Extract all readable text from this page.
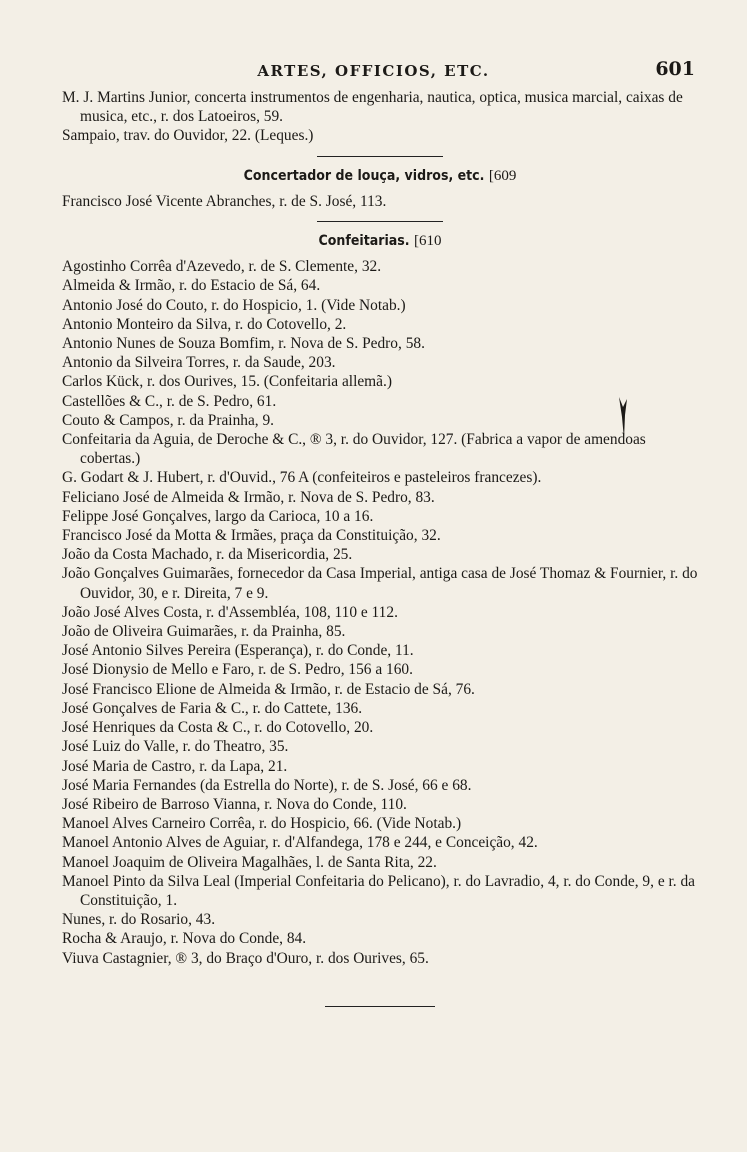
ARTES, OFFICIOS, ETC.	601

M. J. Martins Junior, concerta instrumentos de engenharia, nautica, optica, musica marcial, caixas de musica, etc., r. dos Latoeiros, 59.

Sampaio, trav. do Ouvidor, 22. (Leques.)

Concertador de louça, vidros, etc. [609

Francisco José Vicente Abranches, r. de S. José, 113.

Confeitarias. [610

Agostinho Corrêa d'Azevedo, r. de S. Clemente, 32.

Almeida & Irmão, r. do Estacio de Sá, 64.

Antonio José do Couto, r. do Hospicio, 1. (Vide Notab.)

Antonio Monteiro da Silva, r. do Cotovello, 2.

Antonio Nunes de Souza Bomfim, r. Nova de S. Pedro, 58.

Antonio da Silveira Torres, r. da Saude, 203.

Carlos Kück, r. dos Ourives, 15. (Confeitaria allemã.)

Castellões & C., r. de S. Pedro, 61.

Couto & Campos, r. da Prainha, 9.

Confeitaria da Aguia, de Deroche & C., ® 3, r. do Ouvidor, 127. (Fabrica a vapor de amendoas cobertas.)

G. Godart & J. Hubert, r. d'Ouvid., 76 A (confeiteiros e pasteleiros francezes).

Feliciano José de Almeida & Irmão, r. Nova de S. Pedro, 83.

Felippe José Gonçalves, largo da Carioca, 10 a 16.

Francisco José da Motta & Irmães, praça da Constituição, 32.

João da Costa Machado, r. da Misericordia, 25.

João Gonçalves Guimarães, fornecedor da Casa Imperial, antiga casa de José Thomaz & Fournier, r. do Ouvidor, 30, e r. Direita, 7 e 9.

João José Alves Costa, r. d'Assembléa, 108, 110 e 112.

João de Oliveira Guimarães, r. da Prainha, 85.

José Antonio Silves Pereira (Esperança), r. do Conde, 11.

José Dionysio de Mello e Faro, r. de S. Pedro, 156 a 160.

José Francisco Elione de Almeida & Irmão, r. de Estacio de Sá, 76.

José Gonçalves de Faria & C., r. do Cattete, 136.

José Henriques da Costa & C., r. do Cotovello, 20.

José Luiz do Valle, r. do Theatro, 35.

José Maria de Castro, r. da Lapa, 21.

José Maria Fernandes (da Estrella do Norte), r. de S. José, 66 e 68.

José Ribeiro de Barroso Vianna, r. Nova do Conde, 110.

Manoel Alves Carneiro Corrêa, r. do Hospicio, 66. (Vide Notab.)

Manoel Antonio Alves de Aguiar, r. d'Alfandega, 178 e 244, e Conceição, 42.

Manoel Joaquim de Oliveira Magalhães, l. de Santa Rita, 22.

Manoel Pinto da Silva Leal (Imperial Confeitaria do Pelicano), r. do Lavradio, 4, r. do Conde, 9, e r. da Constituição, 1.

Nunes, r. do Rosario, 43.

Rocha & Araujo, r. Nova do Conde, 84.

Viuva Castagnier, ® 3, do Braço d'Ouro, r. dos Ourives, 65.
